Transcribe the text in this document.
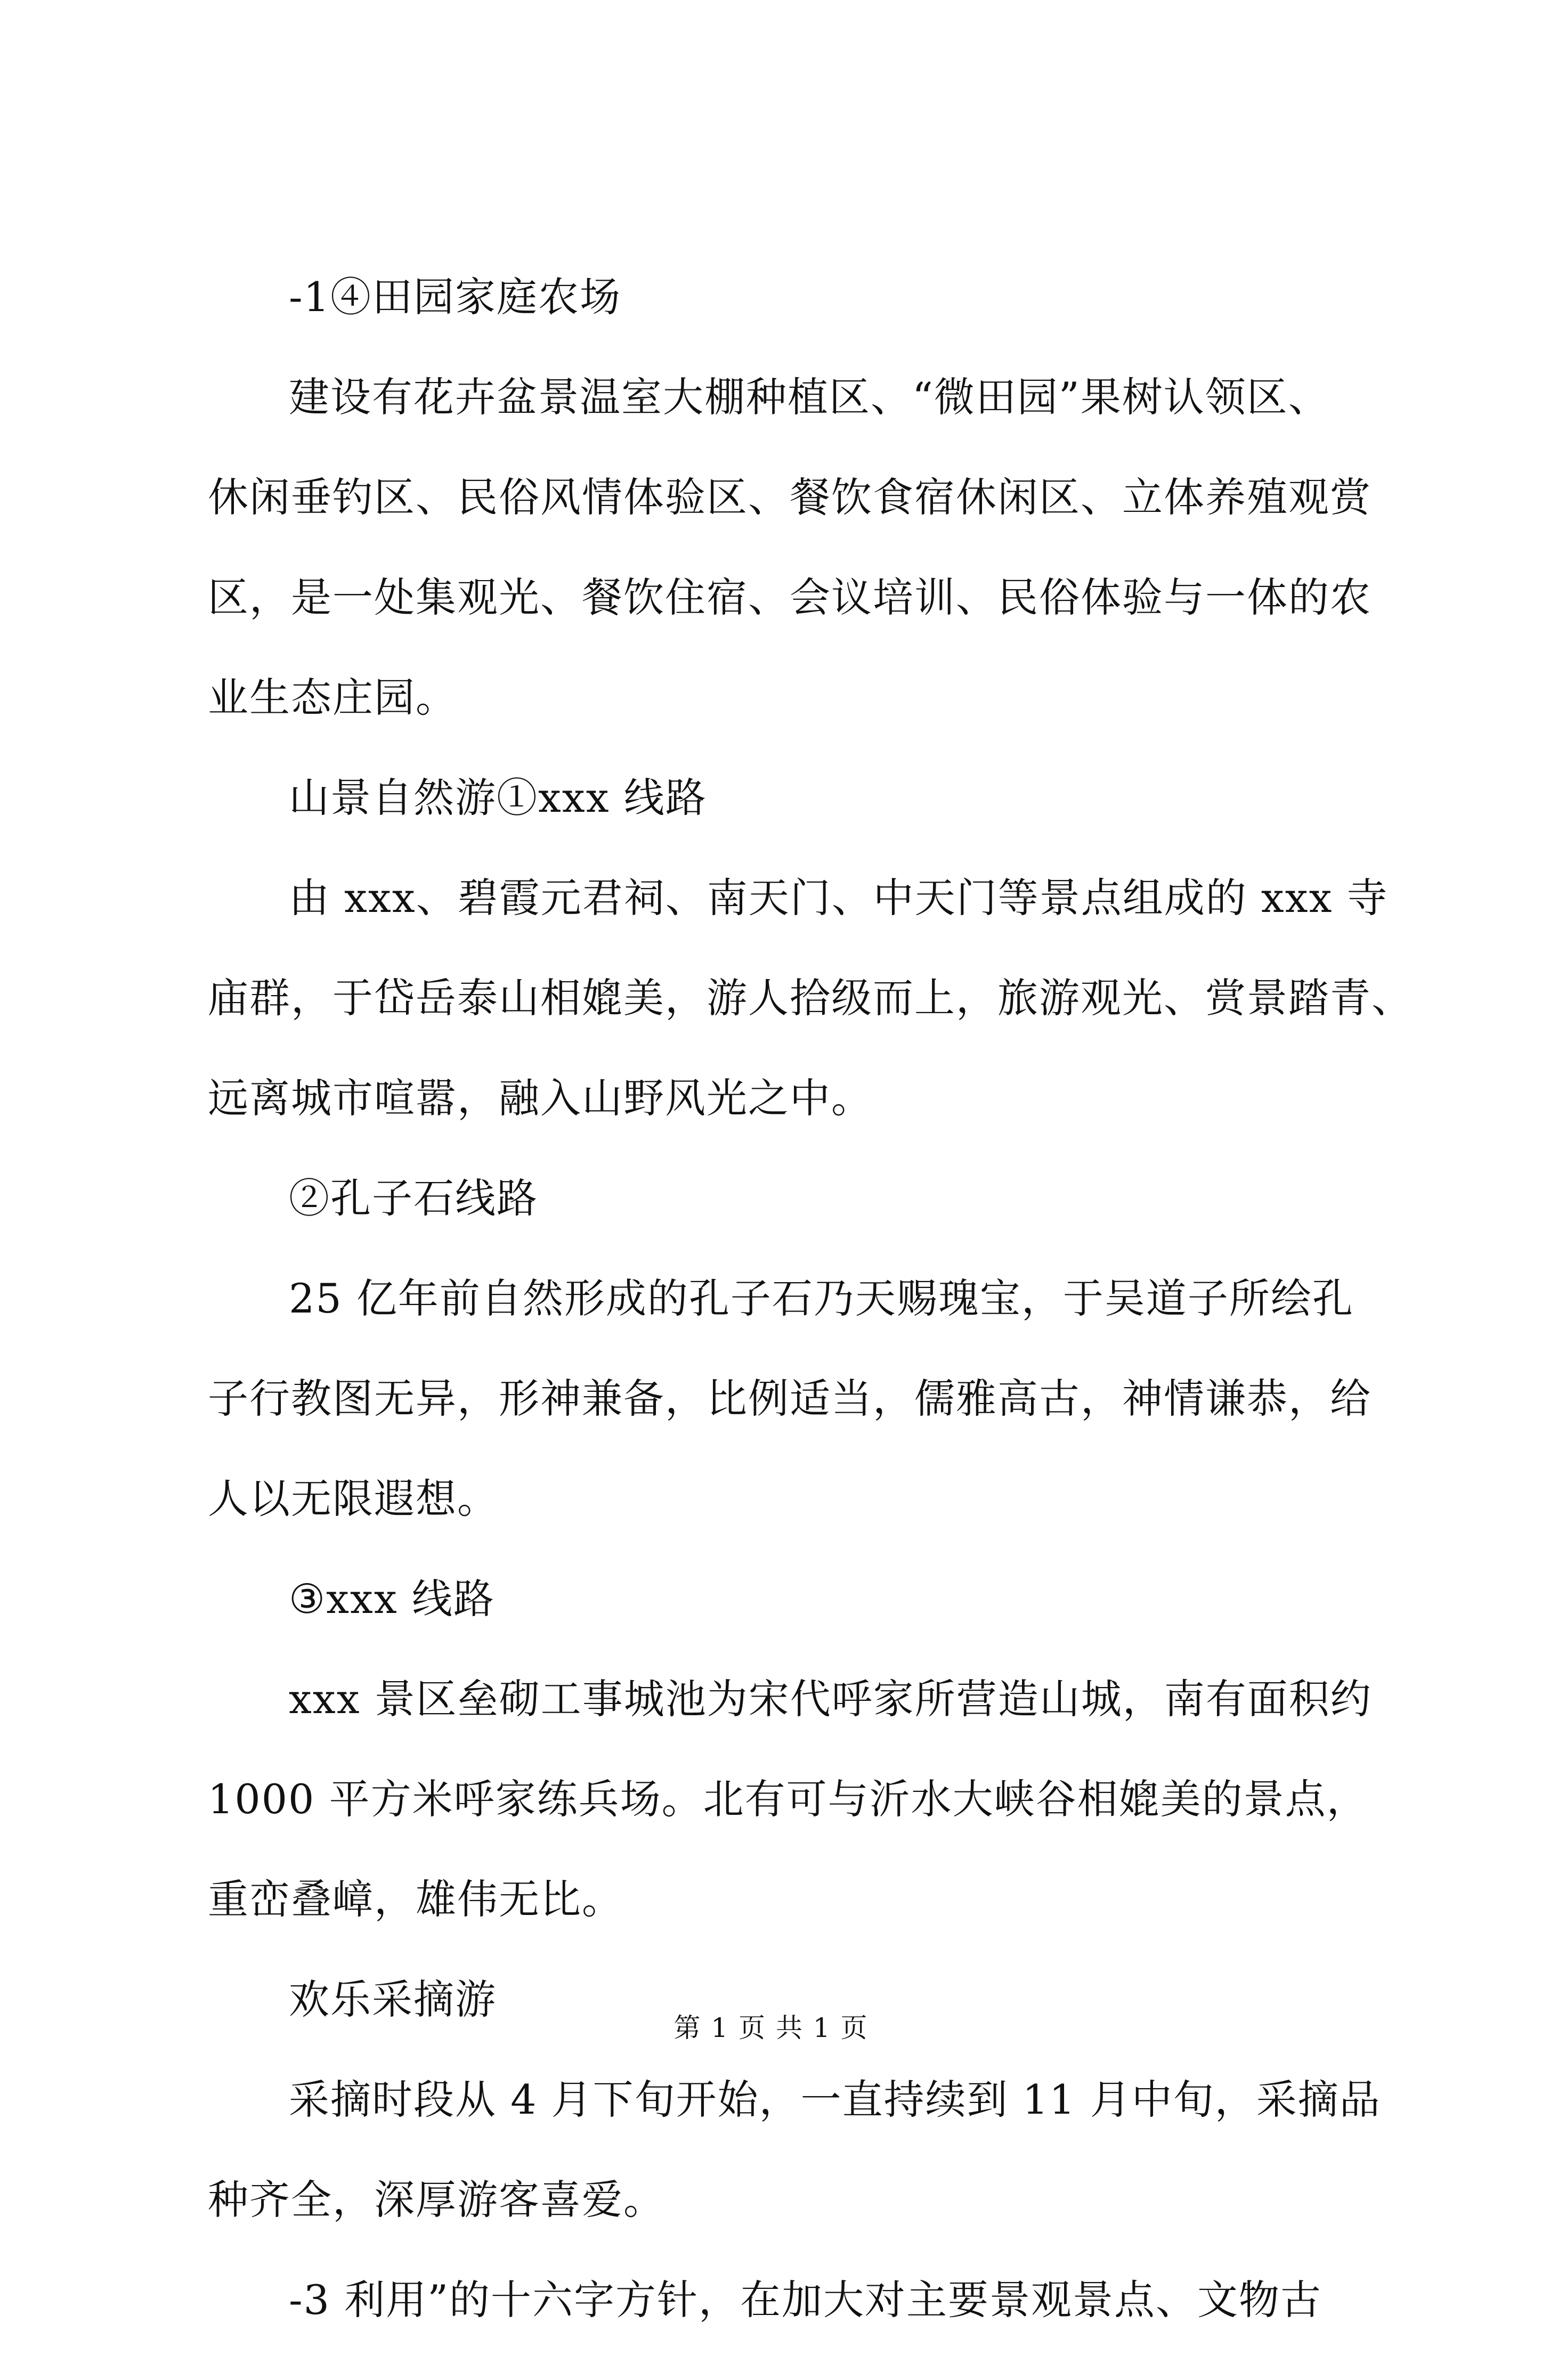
-1④田园家庭农场
建设有花卉盆景温室大棚种植区、“微田园”果树认领区、
休闲垂钓区、民俗风情体验区、餐饮食宿休闲区、立体养殖观赏
区，是一处集观光、餐饮住宿、会议培训、民俗体验与一体的农
业生态庄园。
山景自然游①xxx 线路
由 xxx、碧霞元君祠、南天门、中天门等景点组成的 xxx 寺
庙群，于岱岳泰山相媲美，游人拾级而上，旅游观光、赏景踏青、
远离城市喧嚣，融入山野风光之中。
②孔子石线路
25 亿年前自然形成的孔子石乃天赐瑰宝，于吴道子所绘孔
子行教图无异，形神兼备，比例适当，儒雅高古，神情谦恭，给
人以无限遐想。
③xxx 线路
xxx 景区垒砌工事城池为宋代呼家所营造山城，南有面积约
1000 平方米呼家练兵场。北有可与沂水大峡谷相媲美的景点，
重峦叠嶂，雄伟无比。
欢乐采摘游
采摘时段从 4 月下旬开始，一直持续到 11 月中旬，采摘品
种齐全，深厚游客喜爱。
-3 利用”的十六字方针，在加大对主要景观景点、文物古
第 1 页 共 1 页
